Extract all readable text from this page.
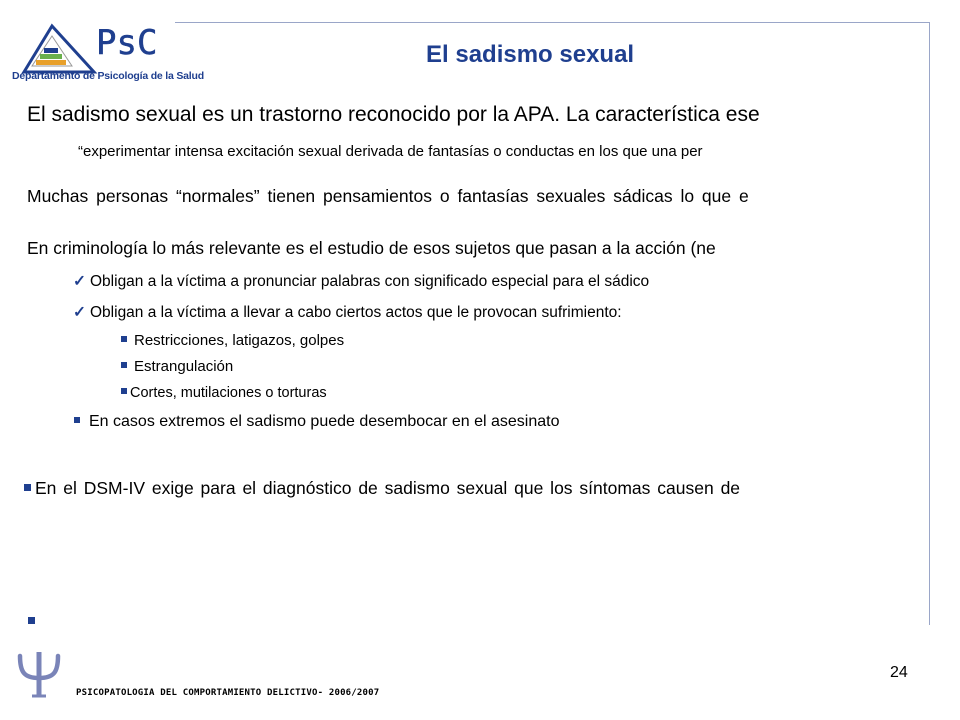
PsC
Departamento de Psicología de la Salud
El sadismo sexual
El sadismo sexual es un trastorno reconocido por la APA. La característica ese
“experimentar intensa excitación sexual derivada de fantasías o conductas en los que una per
Muchas personas “normales” tienen pensamientos o fantasías sexuales sádicas lo que e
En criminología lo más relevante es el estudio de esos sujetos que pasan a la acción (ne
✓ Obligan a la víctima a pronunciar palabras con significado especial para el sádico
✓ Obligan a la víctima a llevar a cabo ciertos actos que le provocan sufrimiento:
Restricciones, latigazos, golpes
Estrangulación
Cortes, mutilaciones o torturas
En casos extremos el sadismo puede desembocar en el asesinato
En el DSM-IV exige para el diagnóstico de sadismo sexual que los síntomas causen de
PSICOPATOLOGIA DEL COMPORTAMIENTO DELICTIVO- 2006/2007
24
